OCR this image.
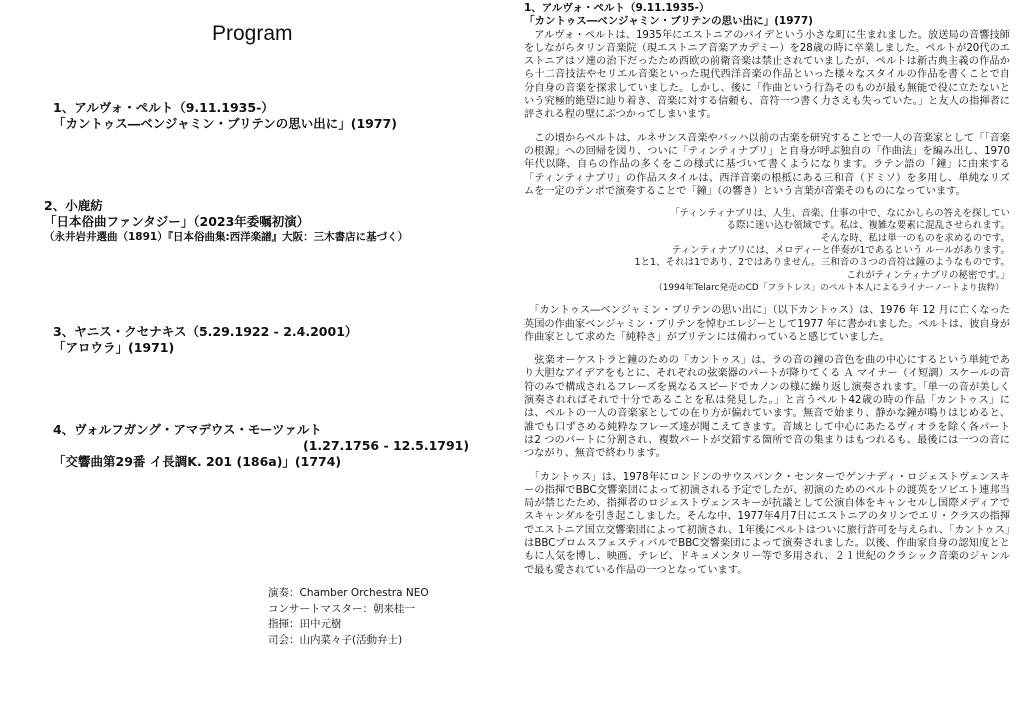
Program
1、アルヴォ・ペルト（9.11.1935-）
「カントゥス―ベンジャミン・ブリテンの思い出に」(1977)
2、小鹿紡
「日本俗曲ファンタジー」（2023年委嘱初演）
（永井岩井選曲（1891）『日本俗曲集:西洋楽譜』大阪：三木書店に基づく）
3、ヤニス・クセナキス（5.29.1922 - 2.4.2001）
「アロウラ」(1971)
4、ヴォルフガング・アマデウス・モーツァルト
(1.27.1756 - 12.5.1791)
「交響曲第29番 イ長調K. 201 (186a)」(1774)
演奏：Chamber Orchestra NEO
コンサートマスター：朝来桂一
指揮：田中元樹
司会：山内菜々子(活動弁士)
1、アルヴォ・ペルト（9.11.1935-）
「カントゥス―ベンジャミン・ブリテンの思い出に」(1977)

　アルヴォ・ペルトは、1935年にエストニアのパイデという小さな町に生まれました。放送局の音響技師をしながらタリン音楽院（現エストニア音楽アカデミー）を28歳の時に卒業しました。ペルトが20代のエストニアはソ連の治下だったため西欧の前衛音楽は禁止されていましたが、ペルトは新古典主義の作品から十二音技法やセリエル音楽といった現代西洋音楽の作品といった様々なスタイルの作品を書くことで自分自身の音楽を探求していました。しかし、後に「作曲という行為そのものが最も無能で役に立たないという究極的絶望に辿り着き、音楽に対する信頼も、音符一つ書く力さえも失っていた。」と友人の指揮者に評される程の壁にぶつかってしまいます。

　この頃からペルトは、ルネサンス音楽やバッハ以前の古楽を研究することで一人の音楽家として「「音楽の根源」への回帰を図り、ついに「ティンティナブリ」と自身が呼ぶ独自の「作曲法」を編み出し、1970年代以降、自らの作品の多くをこの様式に基づいて書くようになります。ラテン語の「鐘」に由来する「ティンティナブリ」の作品スタイルは、西洋音楽の根柢にある三和音（ドミソ）を多用し、単純なリズムを一定のテンポで演奏することで「鐘」（の響き）という言葉が音楽そのものになっています。

「ティンティナブリは、人生、音楽、仕事の中で、なにかしらの答えを探してい
る際に迷い込む領域です。私は、複雑な要素に混乱させられます。
そんな時、私は単一のものを求めるのです。
ティンティナブリには、メロディーと伴奏が1であるという ルールがあります。
1と1、それは1であり、2ではありません。三和音の３つの音符は鐘のようなものです。
これがティンティナブリの秘密です。」
（1994年Telarc発売のCD「フラトレス」のペルト本人によるライナーノートより抜粋）

　「カントゥス―ベンジャミン・ブリテンの思い出に」（以下カントゥス）は、1976 年 12 月に亡くなった英国の作曲家ベンジャミン・ブリテンを悼むエレジーとして1977 年に書かれました。ペルトは、彼自身が作曲家として求めた「純粋さ」がブリテンには備わっていると感じていました。

　弦楽オーケストラと鐘のための「カントゥス」は、ラの音の鐘の音色を曲の中心にするという単純であり大胆なアイデアをもとに、それぞれの弦楽器のパートが降りてくる Ａ マイナー（イ短調）スケールの音符のみで構成されるフレーズを異なるスピードでカノンの様に繰り返し演奏されます。「単一の音が美しく演奏されればそれで十分であることを私は発見した。」と言うペルト42歳の時の作品「カントゥス」には、ペルトの一人の音楽家としての在り方が偏れています。無音で始まり、静かな鐘が鳴りはじめると、誰でも口ずさめる純粋なフレーズ達が聞こえてきます。音域として中心にあたるヴィオラを除く各パートは2 つのパートに分割され、複数パートが交錯する箇所で音の集まりはもつれるも、最後には一つの音につながり、無音で終わります。

　「カントゥス」は、1978年にロンドンのサウスバンク・センターでゲンナディ・ロジェストヴェンスキーの指揮でBBC交響楽団によって初演される予定でしたが、初演のためのペルトの渡英をソビエト連邦当局が禁じたため、指揮者のロジェストヴェンスキーが抗議として公演自体をキャンセルし国際メディアでスキャンダルを引き起こしました。そんな中、1977年4月7日にエストニアのタリンでエリ・クラスの指揮でエストニア国立交響楽団によって初演され、1年後にペルトはついに旅行許可を与えられ、「カントゥス」はBBCプロムスフェスティバルでBBC交響楽団によって演奏されました。以後、作曲家自身の認知度とともに人気を博し、映画、テレビ、ドキュメンタリー等で多用され、２１世紀のクラシック音楽のジャンルで最も愛されている作品の一つとなっています。
